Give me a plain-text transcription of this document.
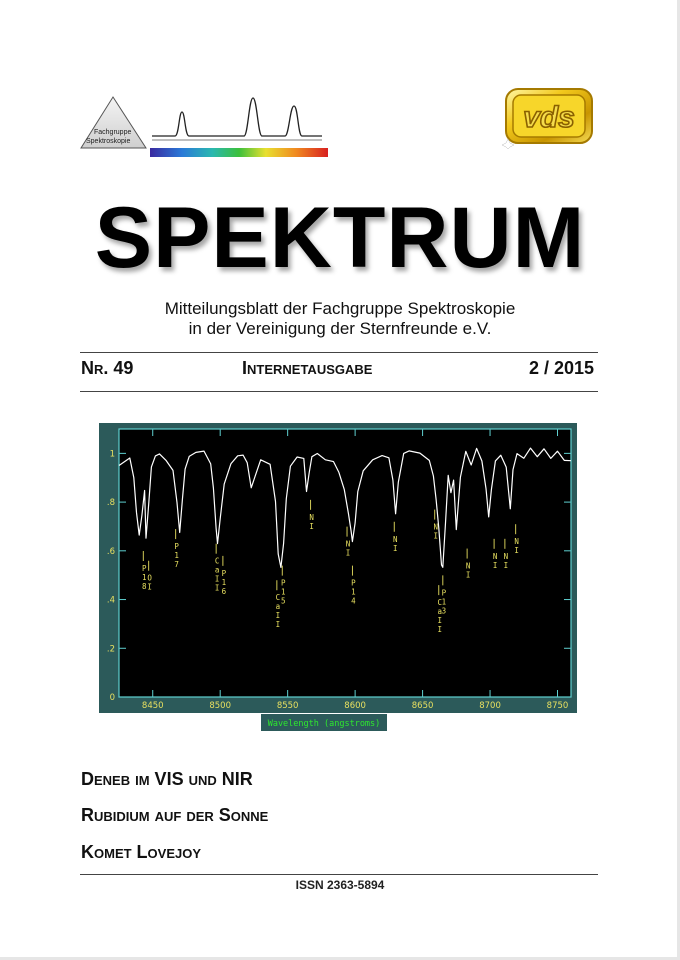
Fachgruppe
Spektroskopie
vds
SPEKTRUM
Mitteilungsblatt der Fachgruppe Spektroskopie
in der Vereinigung der Sternfreunde e.V.
Nr. 49	Internetausgabe	2 / 2015
P 1 8
O I
P 1 7	C a I I
P 1 6
C a I I
P 1 5
N I
N I
P 1 4
N I
N I
C a I I
P 1 3
N I
N I
N I
N I
8450	8500	8550	8600	8650	8700	8750
0
.2
.4
.6
.8
1
Wavelength (angstroms)
Deneb im VIS und NIR
Rubidium auf der Sonne
Komet Lovejoy
ISSN 2363-5894
